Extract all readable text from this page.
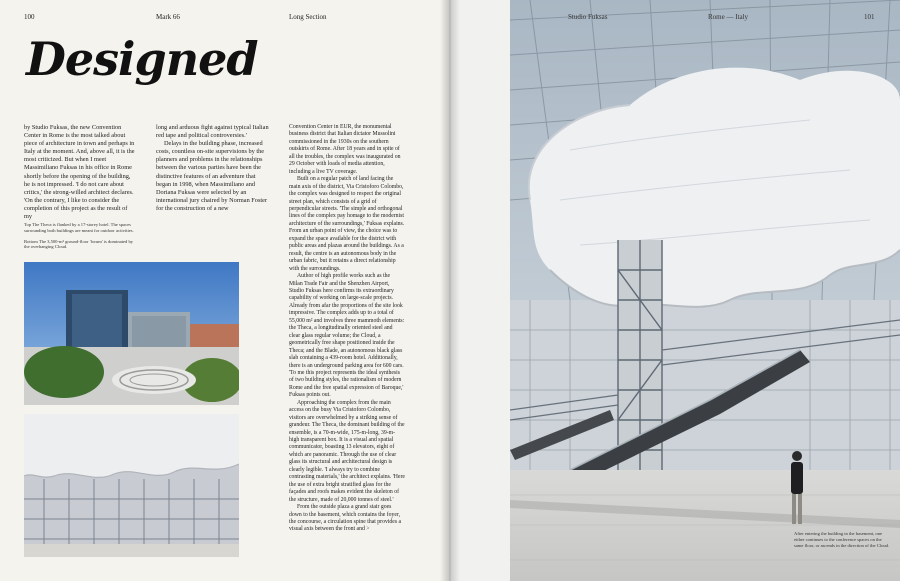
100	Mark 66	Long Section
Designed

by Studio Fuksas, the new Convention Center in Rome is the most talked about piece of architecture in town and perhaps in Italy at the moment. And, above all, it is the most criticized. But when I meet Massimiliano Fuksas in his office in Rome shortly before the opening of the building, he is not impressed. 'I do not care about critics,' the strong-willed architect declares. 'On the contrary, I like to consider the completion of this project as the result of my

long and arduous fight against typical Italian red tape and political controversies.'

Delays in the building phase, increased costs, countless on-site supervisions by the planners and problems in the relationships between the various parties have been the distinctive features of an adventure that began in 1998, when Massimiliano and Doriana Fuksas were selected by an international jury chaired by Norman Foster for the construction of a new

Convention Center in EUR, the monumental business district that Italian dictator Mussolini commissioned in the 1930s on the southern outskirts of Rome. After 18 years and in spite of all the troubles, the complex was inaugurated on 29 October with loads of media attention, including a live TV coverage.

Built on a regular patch of land facing the main axis of the district, Via Cristoforo Colombo, the complex was designed to respect the original street plan, which consists of a grid of perpendicular streets. 'The simple and orthogonal lines of the complex pay homage to the modernist architecture of the surroundings,' Fuksas explains. From an urban point of view, the choice was to expand the space available for the district with public areas and plazas around the buildings. As a result, the centre is an autonomous body in the urban fabric, but it retains a direct relationship with the surroundings.

Author of high profile works such as the Milan Trade Fair and the Shenzhen Airport, Studio Fuksas here confirms its extraordinary capability of working on large-scale projects. Already from afar the proportions of the site look impressive. The complex adds up to a total of 55,000 m² and involves three mammoth elements: the Theca, a longitudinally oriented steel and clear glass regular volume; the Cloud, a geometrically free shape positioned inside the Theca; and the Blade, an autonomous black glass slab containing a 439-room hotel. Additionally, there is an underground parking area for 600 cars. 'To me this project represents the ideal synthesis of two building styles, the rationalism of modern Rome and the free spatial expression of Baroque,' Fuksas points out.

Approaching the complex from the main access on the busy Via Cristoforo Colombo, visitors are overwhelmed by a striking sense of grandeur. The Theca, the dominant building of the ensemble, is a 70-m-wide, 175-m-long, 39-m-high transparent box. It is a visual and spatial communicator, boasting 13 elevators, eight of which are panoramic. Through the use of clear glass its structural and architectural design is clearly legible. 'I always try to combine contrasting materials,' the architect explains. 'Here the use of extra bright stratified glass for the façades and roofs makes evident the skeleton of the structure, made of 20,000 tonnes of steel.'

From the outside plaza a grand stair goes down to the basement, which contains the foyer, the concourse, a circulation spine that provides a visual axis between the front and >

Top The Theca is flanked by a 17-storey hotel. The spaces surrounding both buildings are meant for outdoor activities.

Bottom The 3,500-m² ground-floor 'forum' is dominated by the overhanging Cloud.

Studio Fuksas	Rome — Italy	101
After entering the building in the basement, one either continues to the conference spaces on the same floor, or ascends in the direction of the Cloud.
